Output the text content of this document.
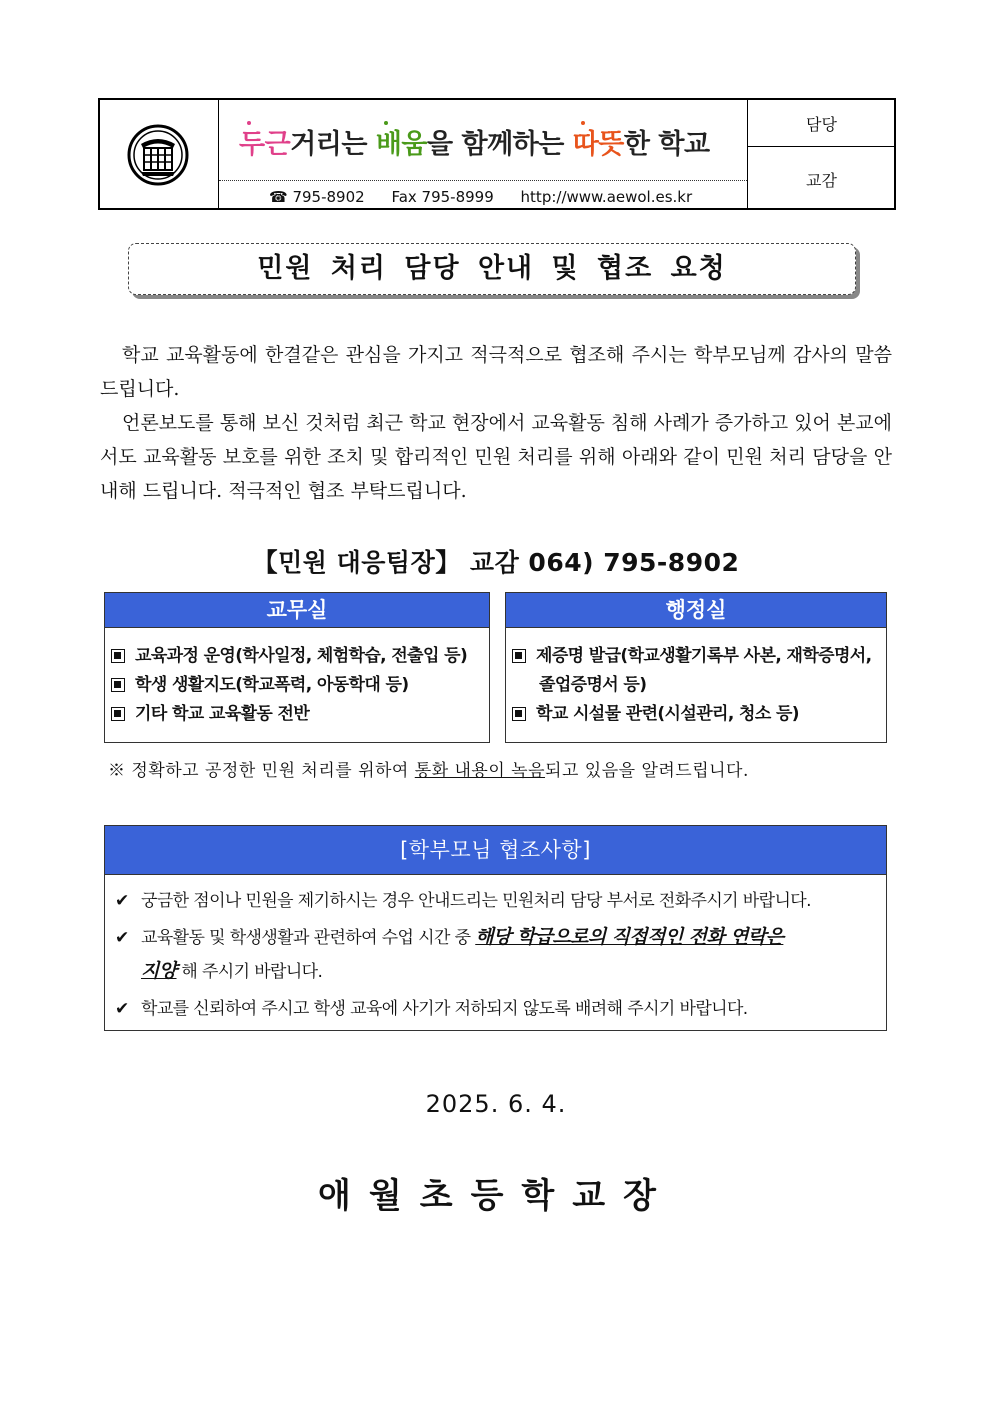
두근거리는 배움을 함께하는 따뜻한 학교
☎ 795-8902 Fax 795-8999 http://www.aewol.es.kr
담당
교감
민원 처리 담당 안내 및 협조 요청
학교 교육활동에 한결같은 관심을 가지고 적극적으로 협조해 주시는 학부모님께 감사의 말씀 드립니다.
언론보도를 통해 보신 것처럼 최근 학교 현장에서 교육활동 침해 사례가 증가하고 있어 본교에서도 교육활동 보호를 위한 조치 및 합리적인 민원 처리를 위해 아래와 같이 민원 처리 담당을 안내해 드립니다. 적극적인 협조 부탁드립니다.
【민원 대응팀장】 교감 064) 795-8902
교무실
교육과정 운영(학사일정, 체험학습, 전출입 등)
학생 생활지도(학교폭력, 아동학대 등)
기타 학교 교육활동 전반
행정실
제증명 발급(학교생활기록부 사본, 재학증명서,
졸업증명서 등)
학교 시설물 관련(시설관리, 청소 등)
※ 정확하고 공정한 민원 처리를 위하여 통화 내용이 녹음되고 있음을 알려드립니다.
[학부모님 협조사항]
✔ 궁금한 점이나 민원을 제기하시는 경우 안내드리는 민원처리 담당 부서로 전화주시기 바랍니다.
✔ 교육활동 및 학생생활과 관련하여 수업 시간 중 해당 학급으로의 직접적인 전화 연락은
지양 해 주시기 바랍니다.
✔ 학교를 신뢰하여 주시고 학생 교육에 사기가 저하되지 않도록 배려해 주시기 바랍니다.
2025. 6. 4.
애월초등학교장
